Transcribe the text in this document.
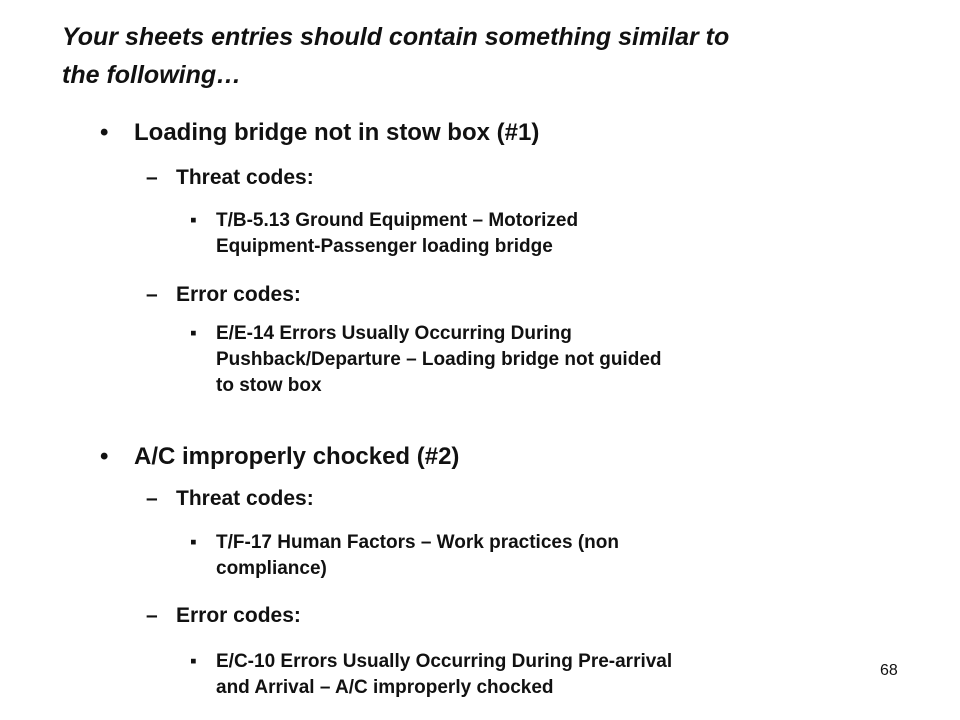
Your sheets entries should contain something similar to
the following…
• Loading bridge not in stow box (#1)
– Threat codes:
▪ T/B-5.13 Ground Equipment – Motorized
Equipment-Passenger loading bridge
– Error codes:
▪ E/E-14 Errors Usually Occurring During
Pushback/Departure – Loading bridge not guided
to stow box
• A/C improperly chocked (#2)
– Threat codes:
▪ T/F-17 Human Factors – Work practices (non
compliance)
– Error codes:
▪ E/C-10 Errors Usually Occurring During Pre-arrival
and Arrival – A/C improperly chocked
68
